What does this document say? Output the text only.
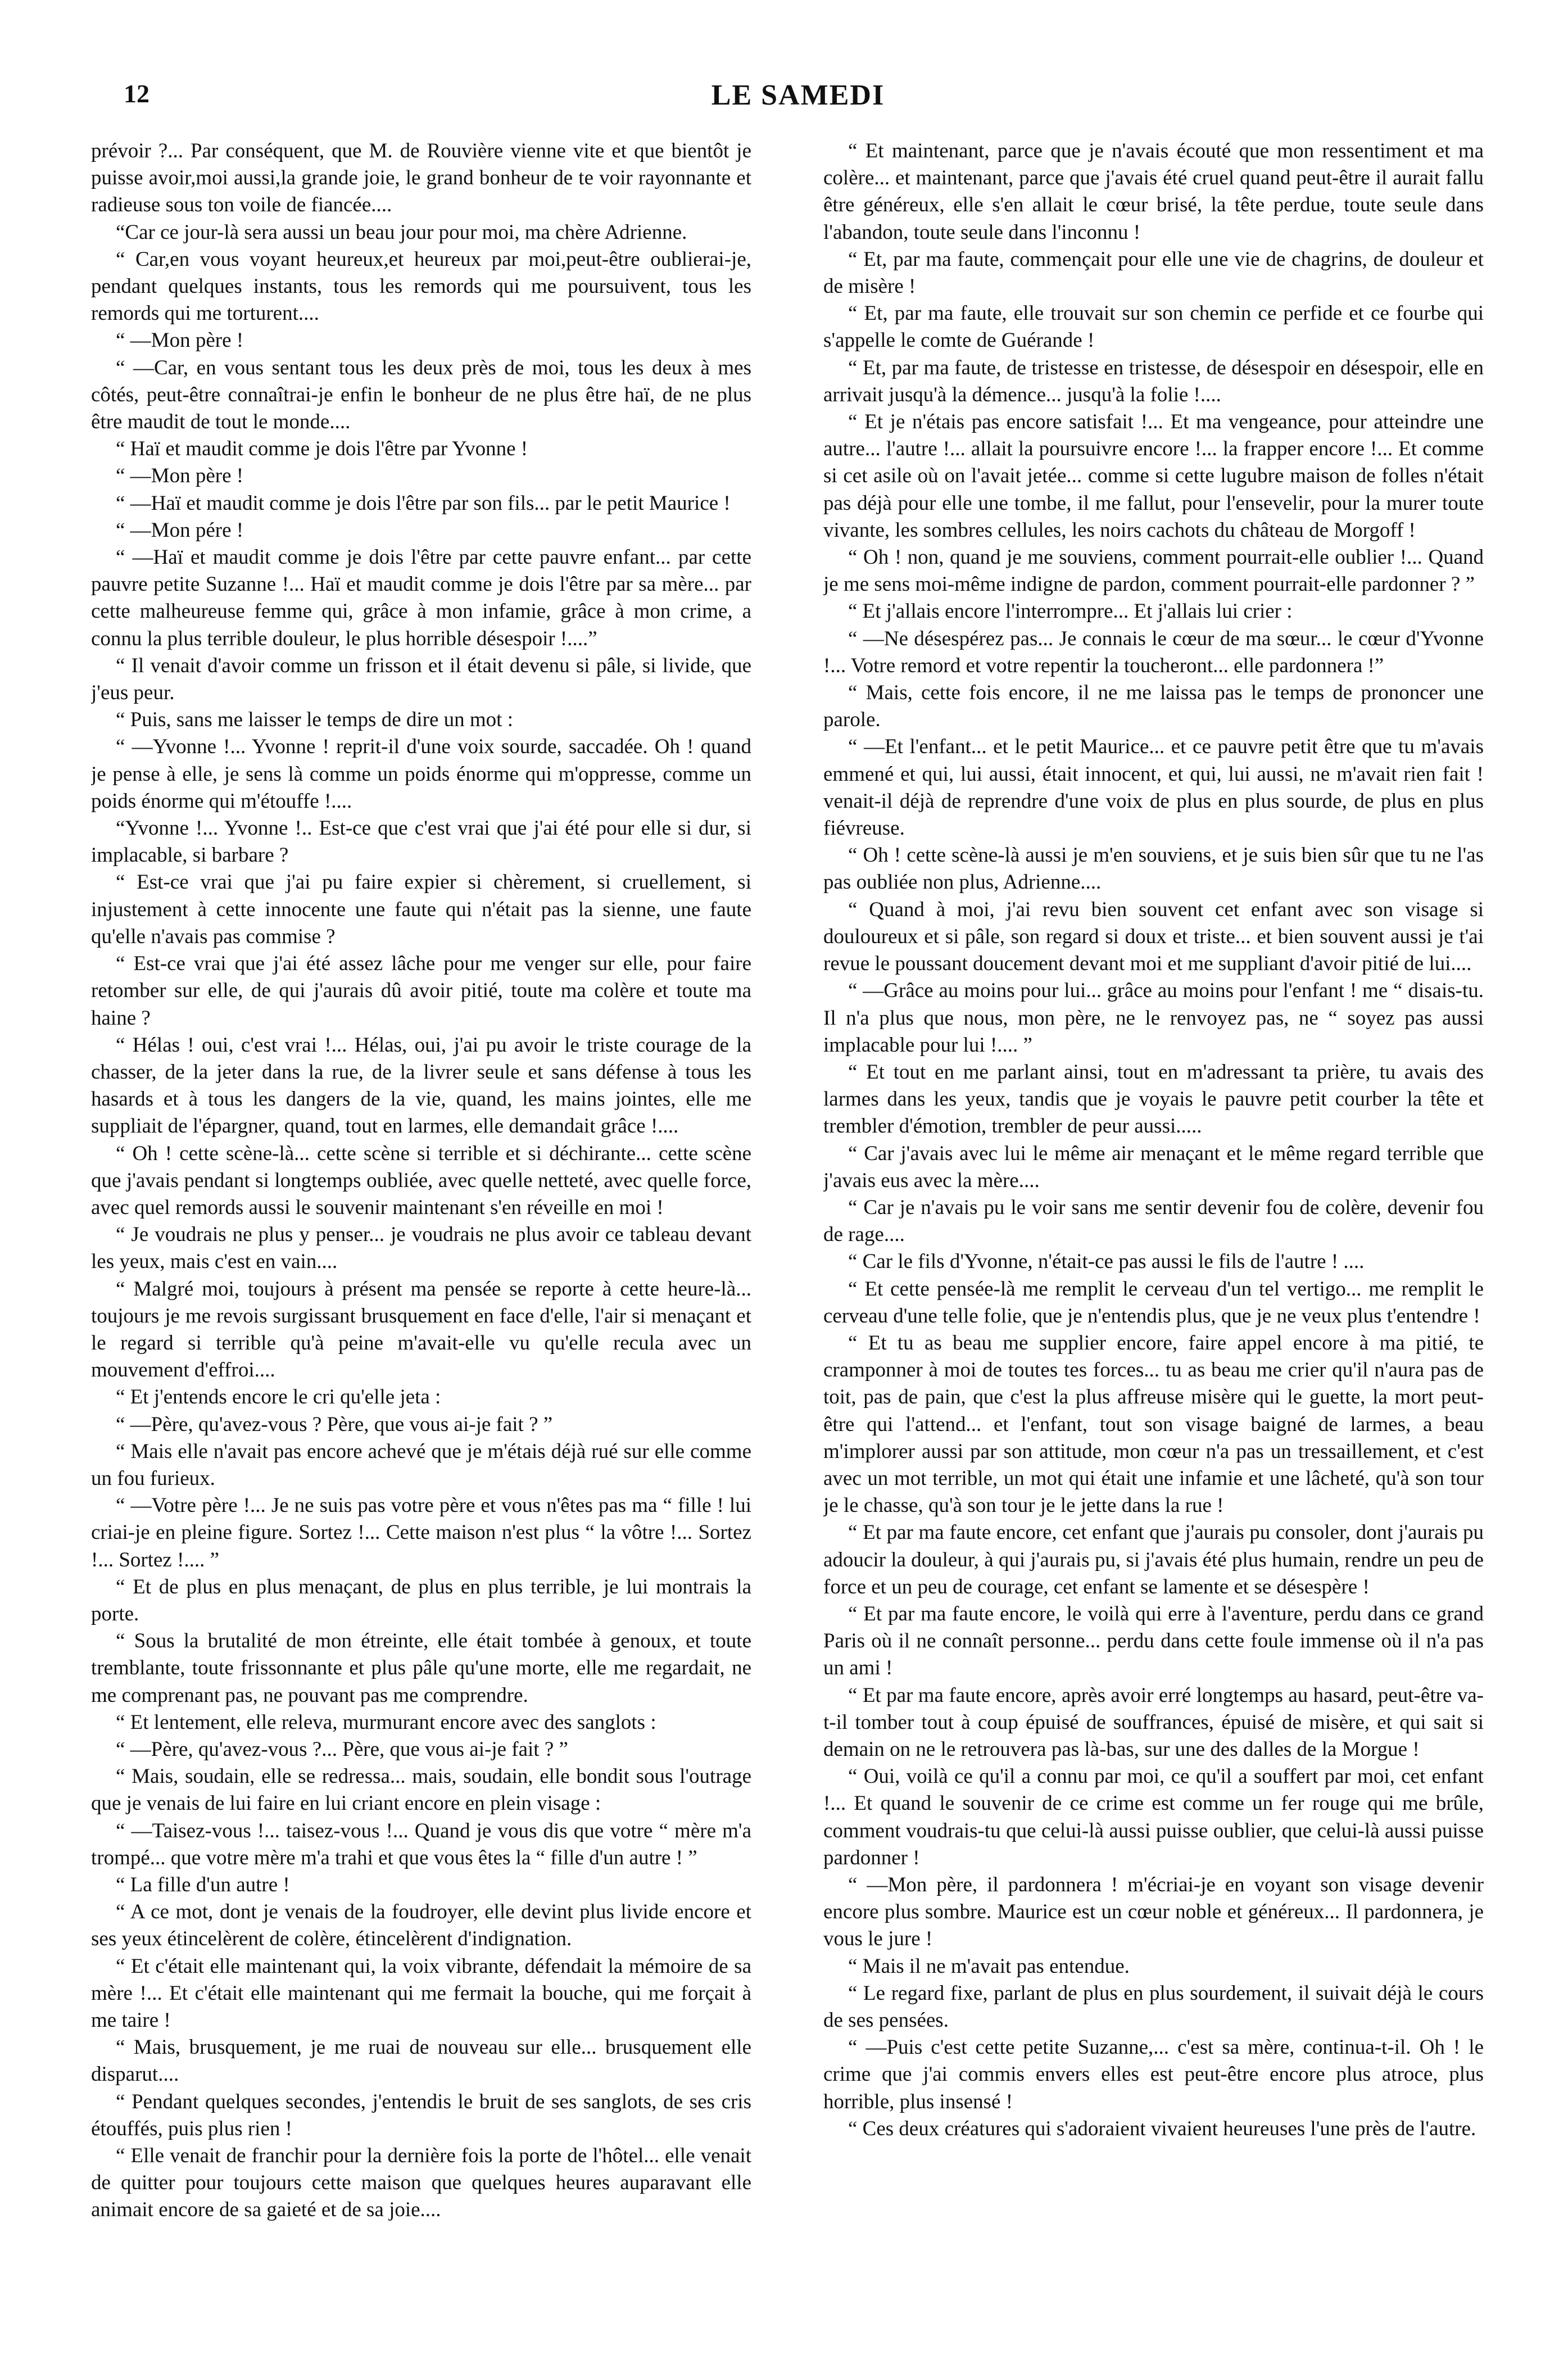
12	LE SAMEDI

prévoir ?... Par conséquent, que M. de Rouvière vienne vite et que bientôt je puisse avoir,moi aussi,la grande joie, le grand bonheur de te voir rayonnante et radieuse sous ton voile de fiancée....

“Car ce jour-là sera aussi un beau jour pour moi, ma chère Adrienne.

“ Car,en vous voyant heureux,et heureux par moi,peut-être oublierai-je, pendant quelques instants, tous les remords qui me poursuivent, tous les remords qui me torturent....

“ —Mon père !

“ —Car, en vous sentant tous les deux près de moi, tous les deux à mes côtés, peut-être connaîtrai-je enfin le bonheur de ne plus être haï, de ne plus être maudit de tout le monde....

“ Haï et maudit comme je dois l'être par Yvonne !

“ —Mon père !

“ —Haï et maudit comme je dois l'être par son fils... par le petit Maurice !

“ —Mon pére !

“ —Haï et maudit comme je dois l'être par cette pauvre enfant... par cette pauvre petite Suzanne !... Haï et maudit comme je dois l'être par sa mère... par cette malheureuse femme qui, grâce à mon infamie, grâce à mon crime, a connu la plus terrible douleur, le plus horrible désespoir !....”

“ Il venait d'avoir comme un frisson et il était devenu si pâle, si livide, que j'eus peur.

“ Puis, sans me laisser le temps de dire un mot :

“ —Yvonne !... Yvonne ! reprit-il d'une voix sourde, saccadée. Oh ! quand je pense à elle, je sens là comme un poids énorme qui m'oppresse, comme un poids énorme qui m'étouffe !....

“Yvonne !... Yvonne !.. Est-ce que c'est vrai que j'ai été pour elle si dur, si implacable, si barbare ?

“ Est-ce vrai que j'ai pu faire expier si chèrement, si cruellement, si injustement à cette innocente une faute qui n'était pas la sienne, une faute qu'elle n'avais pas commise ?

“ Est-ce vrai que j'ai été assez lâche pour me venger sur elle, pour faire retomber sur elle, de qui j'aurais dû avoir pitié, toute ma colère et toute ma haine ?

“ Hélas ! oui, c'est vrai !... Hélas, oui, j'ai pu avoir le triste courage de la chasser, de la jeter dans la rue, de la livrer seule et sans défense à tous les hasards et à tous les dangers de la vie, quand, les mains jointes, elle me suppliait de l'épargner, quand, tout en larmes, elle demandait grâce !....

“ Oh ! cette scène-là... cette scène si terrible et si déchirante... cette scène que j'avais pendant si longtemps oubliée, avec quelle netteté, avec quelle force, avec quel remords aussi le souvenir maintenant s'en réveille en moi !

“ Je voudrais ne plus y penser... je voudrais ne plus avoir ce tableau devant les yeux, mais c'est en vain....

“ Malgré moi, toujours à présent ma pensée se reporte à cette heure-là... toujours je me revois surgissant brusquement en face d'elle, l'air si menaçant et le regard si terrible qu'à peine m'avait-elle vu qu'elle recula avec un mouvement d'effroi....

“ Et j'entends encore le cri qu'elle jeta :

“ —Père, qu'avez-vous ? Père, que vous ai-je fait ? ”

“ Mais elle n'avait pas encore achevé que je m'étais déjà rué sur elle comme un fou furieux.

“ —Votre père !... Je ne suis pas votre père et vous n'êtes pas ma “ fille ! lui criai-je en pleine figure. Sortez !... Cette maison n'est plus “ la vôtre !... Sortez !... Sortez !.... ”

“ Et de plus en plus menaçant, de plus en plus terrible, je lui montrais la porte.

“ Sous la brutalité de mon étreinte, elle était tombée à genoux, et toute tremblante, toute frissonnante et plus pâle qu'une morte, elle me regardait, ne me comprenant pas, ne pouvant pas me comprendre.

“ Et lentement, elle releva, murmurant encore avec des sanglots :

“ —Père, qu'avez-vous ?... Père, que vous ai-je fait ? ”

“ Mais, soudain, elle se redressa... mais, soudain, elle bondit sous l'outrage que je venais de lui faire en lui criant encore en plein visage :

“ —Taisez-vous !... taisez-vous !... Quand je vous dis que votre “ mère m'a trompé... que votre mère m'a trahi et que vous êtes la “ fille d'un autre ! ”

“ La fille d'un autre !

“ A ce mot, dont je venais de la foudroyer, elle devint plus livide encore et ses yeux étincelèrent de colère, étincelèrent d'indignation.

“ Et c'était elle maintenant qui, la voix vibrante, défendait la mémoire de sa mère !... Et c'était elle maintenant qui me fermait la bouche, qui me forçait à me taire !

“ Mais, brusquement, je me ruai de nouveau sur elle... brusquement elle disparut....

“ Pendant quelques secondes, j'entendis le bruit de ses sanglots, de ses cris étouffés, puis plus rien !

“ Elle venait de franchir pour la dernière fois la porte de l'hôtel... elle venait de quitter pour toujours cette maison que quelques heures auparavant elle animait encore de sa gaieté et de sa joie....

“ Et maintenant, parce que je n'avais écouté que mon ressentiment et ma colère... et maintenant, parce que j'avais été cruel quand peut-être il aurait fallu être généreux, elle s'en allait le cœur brisé, la tête perdue, toute seule dans l'abandon, toute seule dans l'inconnu !

“ Et, par ma faute, commençait pour elle une vie de chagrins, de douleur et de misère !

“ Et, par ma faute, elle trouvait sur son chemin ce perfide et ce fourbe qui s'appelle le comte de Guérande !

“ Et, par ma faute, de tristesse en tristesse, de désespoir en désespoir, elle en arrivait jusqu'à la démence... jusqu'à la folie !....

“ Et je n'étais pas encore satisfait !... Et ma vengeance, pour atteindre une autre... l'autre !... allait la poursuivre encore !... la frapper encore !... Et comme si cet asile où on l'avait jetée... comme si cette lugubre maison de folles n'était pas déjà pour elle une tombe, il me fallut, pour l'ensevelir, pour la murer toute vivante, les sombres cellules, les noirs cachots du château de Morgoff !

“ Oh ! non, quand je me souviens, comment pourrait-elle oublier !... Quand je me sens moi-même indigne de pardon, comment pourrait-elle pardonner ? ”

“ Et j'allais encore l'interrompre... Et j'allais lui crier :

“ —Ne désespérez pas... Je connais le cœur de ma sœur... le cœur d'Yvonne !... Votre remord et votre repentir la toucheront... elle pardonnera !”

“ Mais, cette fois encore, il ne me laissa pas le temps de prononcer une parole.

“ —Et l'enfant... et le petit Maurice... et ce pauvre petit être que tu m'avais emmené et qui, lui aussi, était innocent, et qui, lui aussi, ne m'avait rien fait ! venait-il déjà de reprendre d'une voix de plus en plus sourde, de plus en plus fiévreuse.

“ Oh ! cette scène-là aussi je m'en souviens, et je suis bien sûr que tu ne l'as pas oubliée non plus, Adrienne....

“ Quand à moi, j'ai revu bien souvent cet enfant avec son visage si douloureux et si pâle, son regard si doux et triste... et bien souvent aussi je t'ai revue le poussant doucement devant moi et me suppliant d'avoir pitié de lui....

“ —Grâce au moins pour lui... grâce au moins pour l'enfant ! me “ disais-tu. Il n'a plus que nous, mon père, ne le renvoyez pas, ne “ soyez pas aussi implacable pour lui !.... ”

“ Et tout en me parlant ainsi, tout en m'adressant ta prière, tu avais des larmes dans les yeux, tandis que je voyais le pauvre petit courber la tête et trembler d'émotion, trembler de peur aussi.....

“ Car j'avais avec lui le même air menaçant et le même regard terrible que j'avais eus avec la mère....

“ Car je n'avais pu le voir sans me sentir devenir fou de colère, devenir fou de rage....

“ Car le fils d'Yvonne, n'était-ce pas aussi le fils de l'autre ! ....

“ Et cette pensée-là me remplit le cerveau d'un tel vertigo... me remplit le cerveau d'une telle folie, que je n'entendis plus, que je ne veux plus t'entendre !

“ Et tu as beau me supplier encore, faire appel encore à ma pitié, te cramponner à moi de toutes tes forces... tu as beau me crier qu'il n'aura pas de toit, pas de pain, que c'est la plus affreuse misère qui le guette, la mort peut-être qui l'attend... et l'enfant, tout son visage baigné de larmes, a beau m'implorer aussi par son attitude, mon cœur n'a pas un tressaillement, et c'est avec un mot terrible, un mot qui était une infamie et une lâcheté, qu'à son tour je le chasse, qu'à son tour je le jette dans la rue !

“ Et par ma faute encore, cet enfant que j'aurais pu consoler, dont j'aurais pu adoucir la douleur, à qui j'aurais pu, si j'avais été plus humain, rendre un peu de force et un peu de courage, cet enfant se lamente et se désespère !

“ Et par ma faute encore, le voilà qui erre à l'aventure, perdu dans ce grand Paris où il ne connaît personne... perdu dans cette foule immense où il n'a pas un ami !

“ Et par ma faute encore, après avoir erré longtemps au hasard, peut-être va-t-il tomber tout à coup épuisé de souffrances, épuisé de misère, et qui sait si demain on ne le retrouvera pas là-bas, sur une des dalles de la Morgue !

“ Oui, voilà ce qu'il a connu par moi, ce qu'il a souffert par moi, cet enfant !... Et quand le souvenir de ce crime est comme un fer rouge qui me brûle, comment voudrais-tu que celui-là aussi puisse oublier, que celui-là aussi puisse pardonner !

“ —Mon père, il pardonnera ! m'écriai-je en voyant son visage devenir encore plus sombre. Maurice est un cœur noble et généreux... Il pardonnera, je vous le jure !

“ Mais il ne m'avait pas entendue.

“ Le regard fixe, parlant de plus en plus sourdement, il suivait déjà le cours de ses pensées.

“ —Puis c'est cette petite Suzanne,... c'est sa mère, continua-t-il. Oh ! le crime que j'ai commis envers elles est peut-être encore plus atroce, plus horrible, plus insensé !

“ Ces deux créatures qui s'adoraient vivaient heureuses l'une près de l'autre.
